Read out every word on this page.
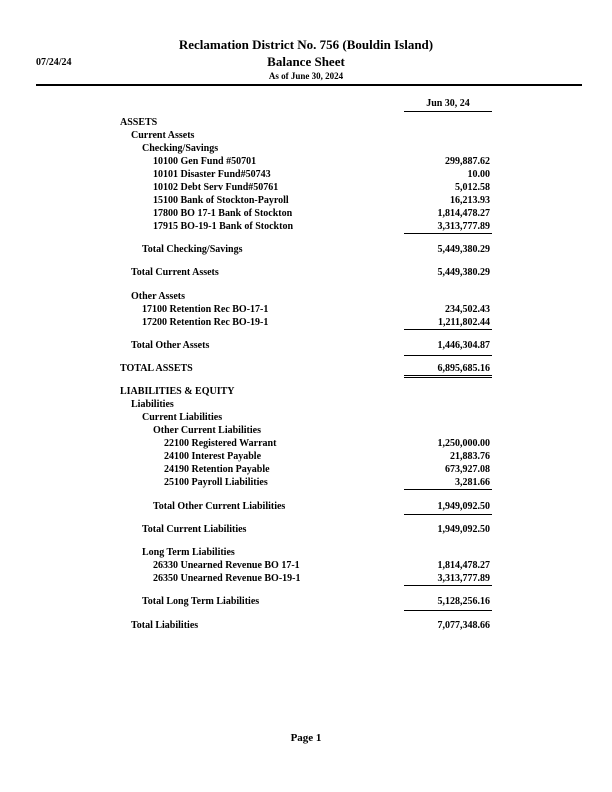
07/24/24
Reclamation District No. 756 (Bouldin Island)
Balance Sheet
As of June 30, 2024
Jun 30, 24
ASSETS
Current Assets
Checking/Savings
10100 Gen Fund #50701	299,887.62
10101 Disaster Fund#50743	10.00
10102 Debt Serv Fund#50761	5,012.58
15100 Bank of Stockton-Payroll	16,213.93
17800 BO 17-1 Bank of Stockton	1,814,478.27
17915 BO-19-1 Bank of Stockton	3,313,777.89
Total Checking/Savings	5,449,380.29
Total Current Assets	5,449,380.29
Other Assets
17100 Retention Rec BO-17-1	234,502.43
17200 Retention Rec BO-19-1	1,211,802.44
Total Other Assets	1,446,304.87
TOTAL ASSETS	6,895,685.16
LIABILITIES & EQUITY
Liabilities
Current Liabilities
Other Current Liabilities
22100 Registered Warrant	1,250,000.00
24100 Interest Payable	21,883.76
24190 Retention Payable	673,927.08
25100 Payroll Liabilities	3,281.66
Total Other Current Liabilities	1,949,092.50
Total Current Liabilities	1,949,092.50
Long Term Liabilities
26330 Unearned Revenue BO 17-1	1,814,478.27
26350 Unearned Revenue BO-19-1	3,313,777.89
Total Long Term Liabilities	5,128,256.16
Total Liabilities	7,077,348.66
Page 1
